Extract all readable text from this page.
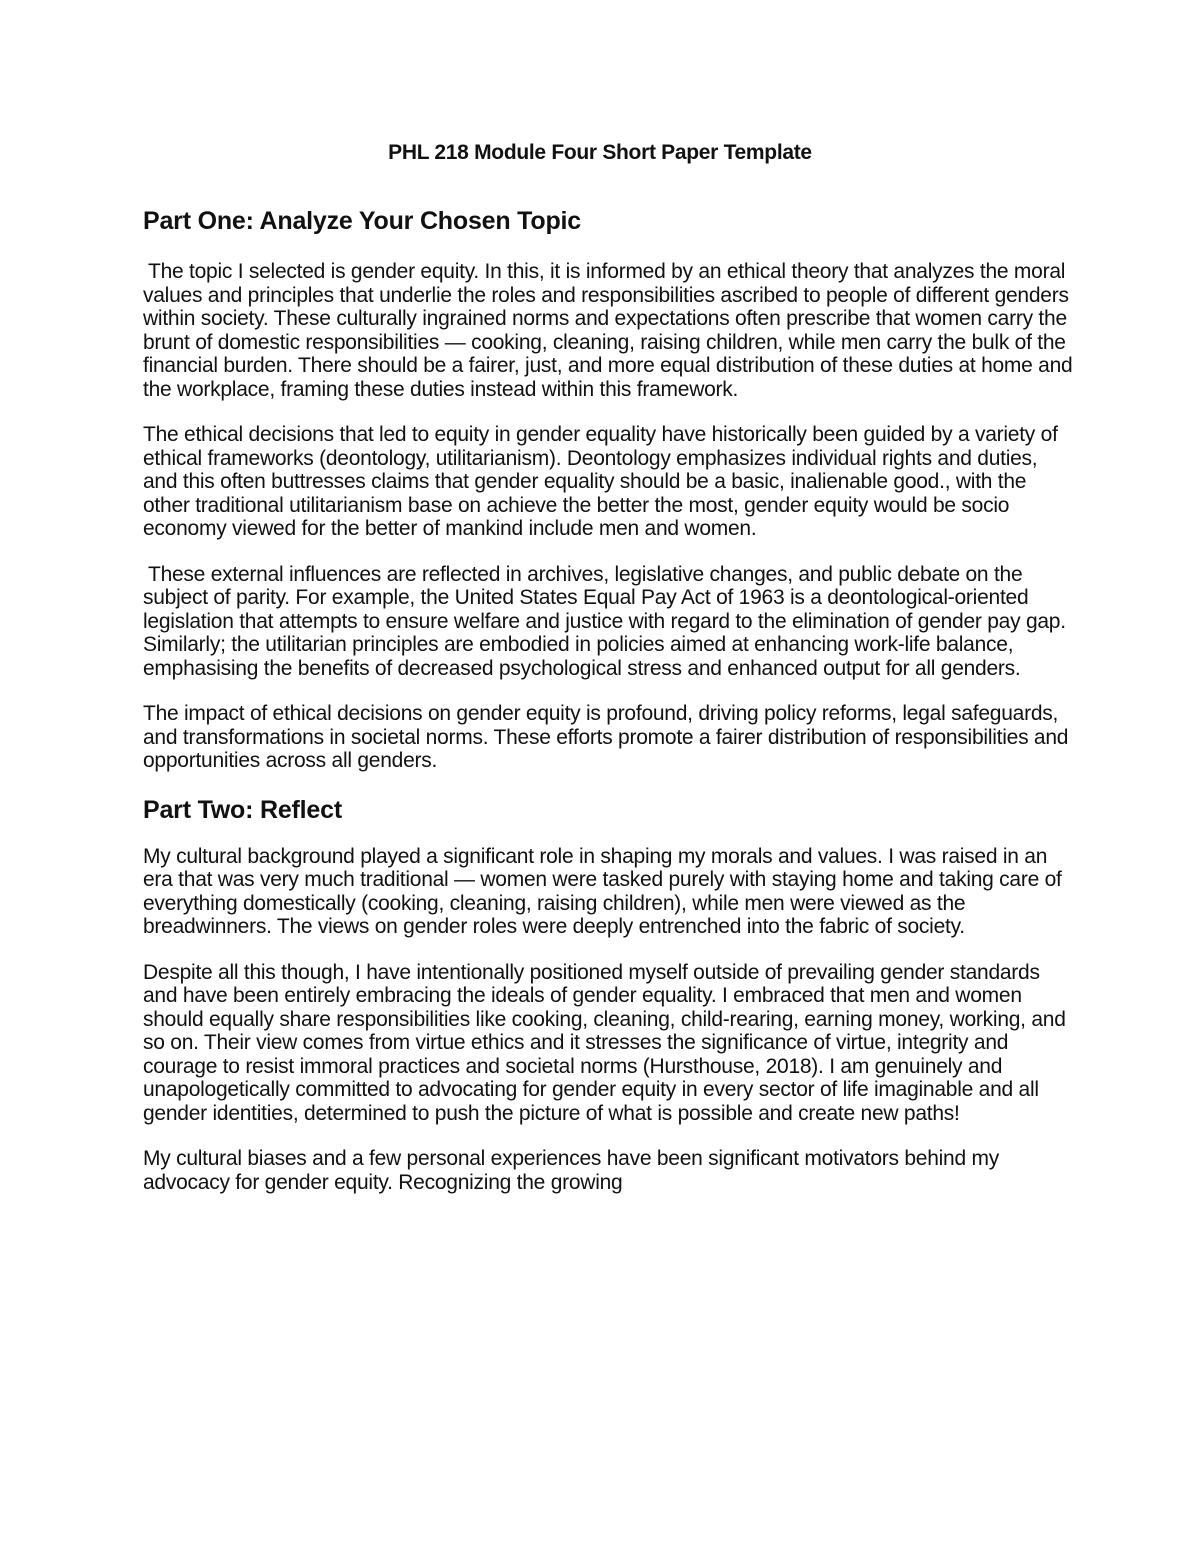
PHL 218 Module Four Short Paper Template
Part One: Analyze Your Chosen Topic

The topic I selected is gender equity. In this, it is informed by an ethical theory that analyzes the moral values and principles that underlie the roles and responsibilities ascribed to people of different genders within society. These culturally ingrained norms and expectations often prescribe that women carry the brunt of domestic responsibilities — cooking, cleaning, raising children, while men carry the bulk of the financial burden. There should be a fairer, just, and more equal distribution of these duties at home and the workplace, framing these duties instead within this framework.

The ethical decisions that led to equity in gender equality have historically been guided by a variety of ethical frameworks (deontology, utilitarianism). Deontology emphasizes individual rights and duties, and this often buttresses claims that gender equality should be a basic, inalienable good., with the other traditional utilitarianism base on achieve the better the most, gender equity would be socio economy viewed for the better of mankind include men and women.

These external influences are reflected in archives, legislative changes, and public debate on the subject of parity. For example, the United States Equal Pay Act of 1963 is a deontological-oriented legislation that attempts to ensure welfare and justice with regard to the elimination of gender pay gap. Similarly; the utilitarian principles are embodied in policies aimed at enhancing work-life balance, emphasising the benefits of decreased psychological stress and enhanced output for all genders.

The impact of ethical decisions on gender equity is profound, driving policy reforms, legal safeguards, and transformations in societal norms. These efforts promote a fairer distribution of responsibilities and opportunities across all genders.

Part Two: Reflect

My cultural background played a significant role in shaping my morals and values. I was raised in an era that was very much traditional — women were tasked purely with staying home and taking care of everything domestically (cooking, cleaning, raising children), while men were viewed as the breadwinners. The views on gender roles were deeply entrenched into the fabric of society.

Despite all this though, I have intentionally positioned myself outside of prevailing gender standards and have been entirely embracing the ideals of gender equality. I embraced that men and women should equally share responsibilities like cooking, cleaning, child-rearing, earning money, working, and so on. Their view comes from virtue ethics and it stresses the significance of virtue, integrity and courage to resist immoral practices and societal norms (Hursthouse, 2018). I am genuinely and unapologetically committed to advocating for gender equity in every sector of life imaginable and all gender identities, determined to push the picture of what is possible and create new paths!

My cultural biases and a few personal experiences have been significant motivators behind my advocacy for gender equity. Recognizing the growing
